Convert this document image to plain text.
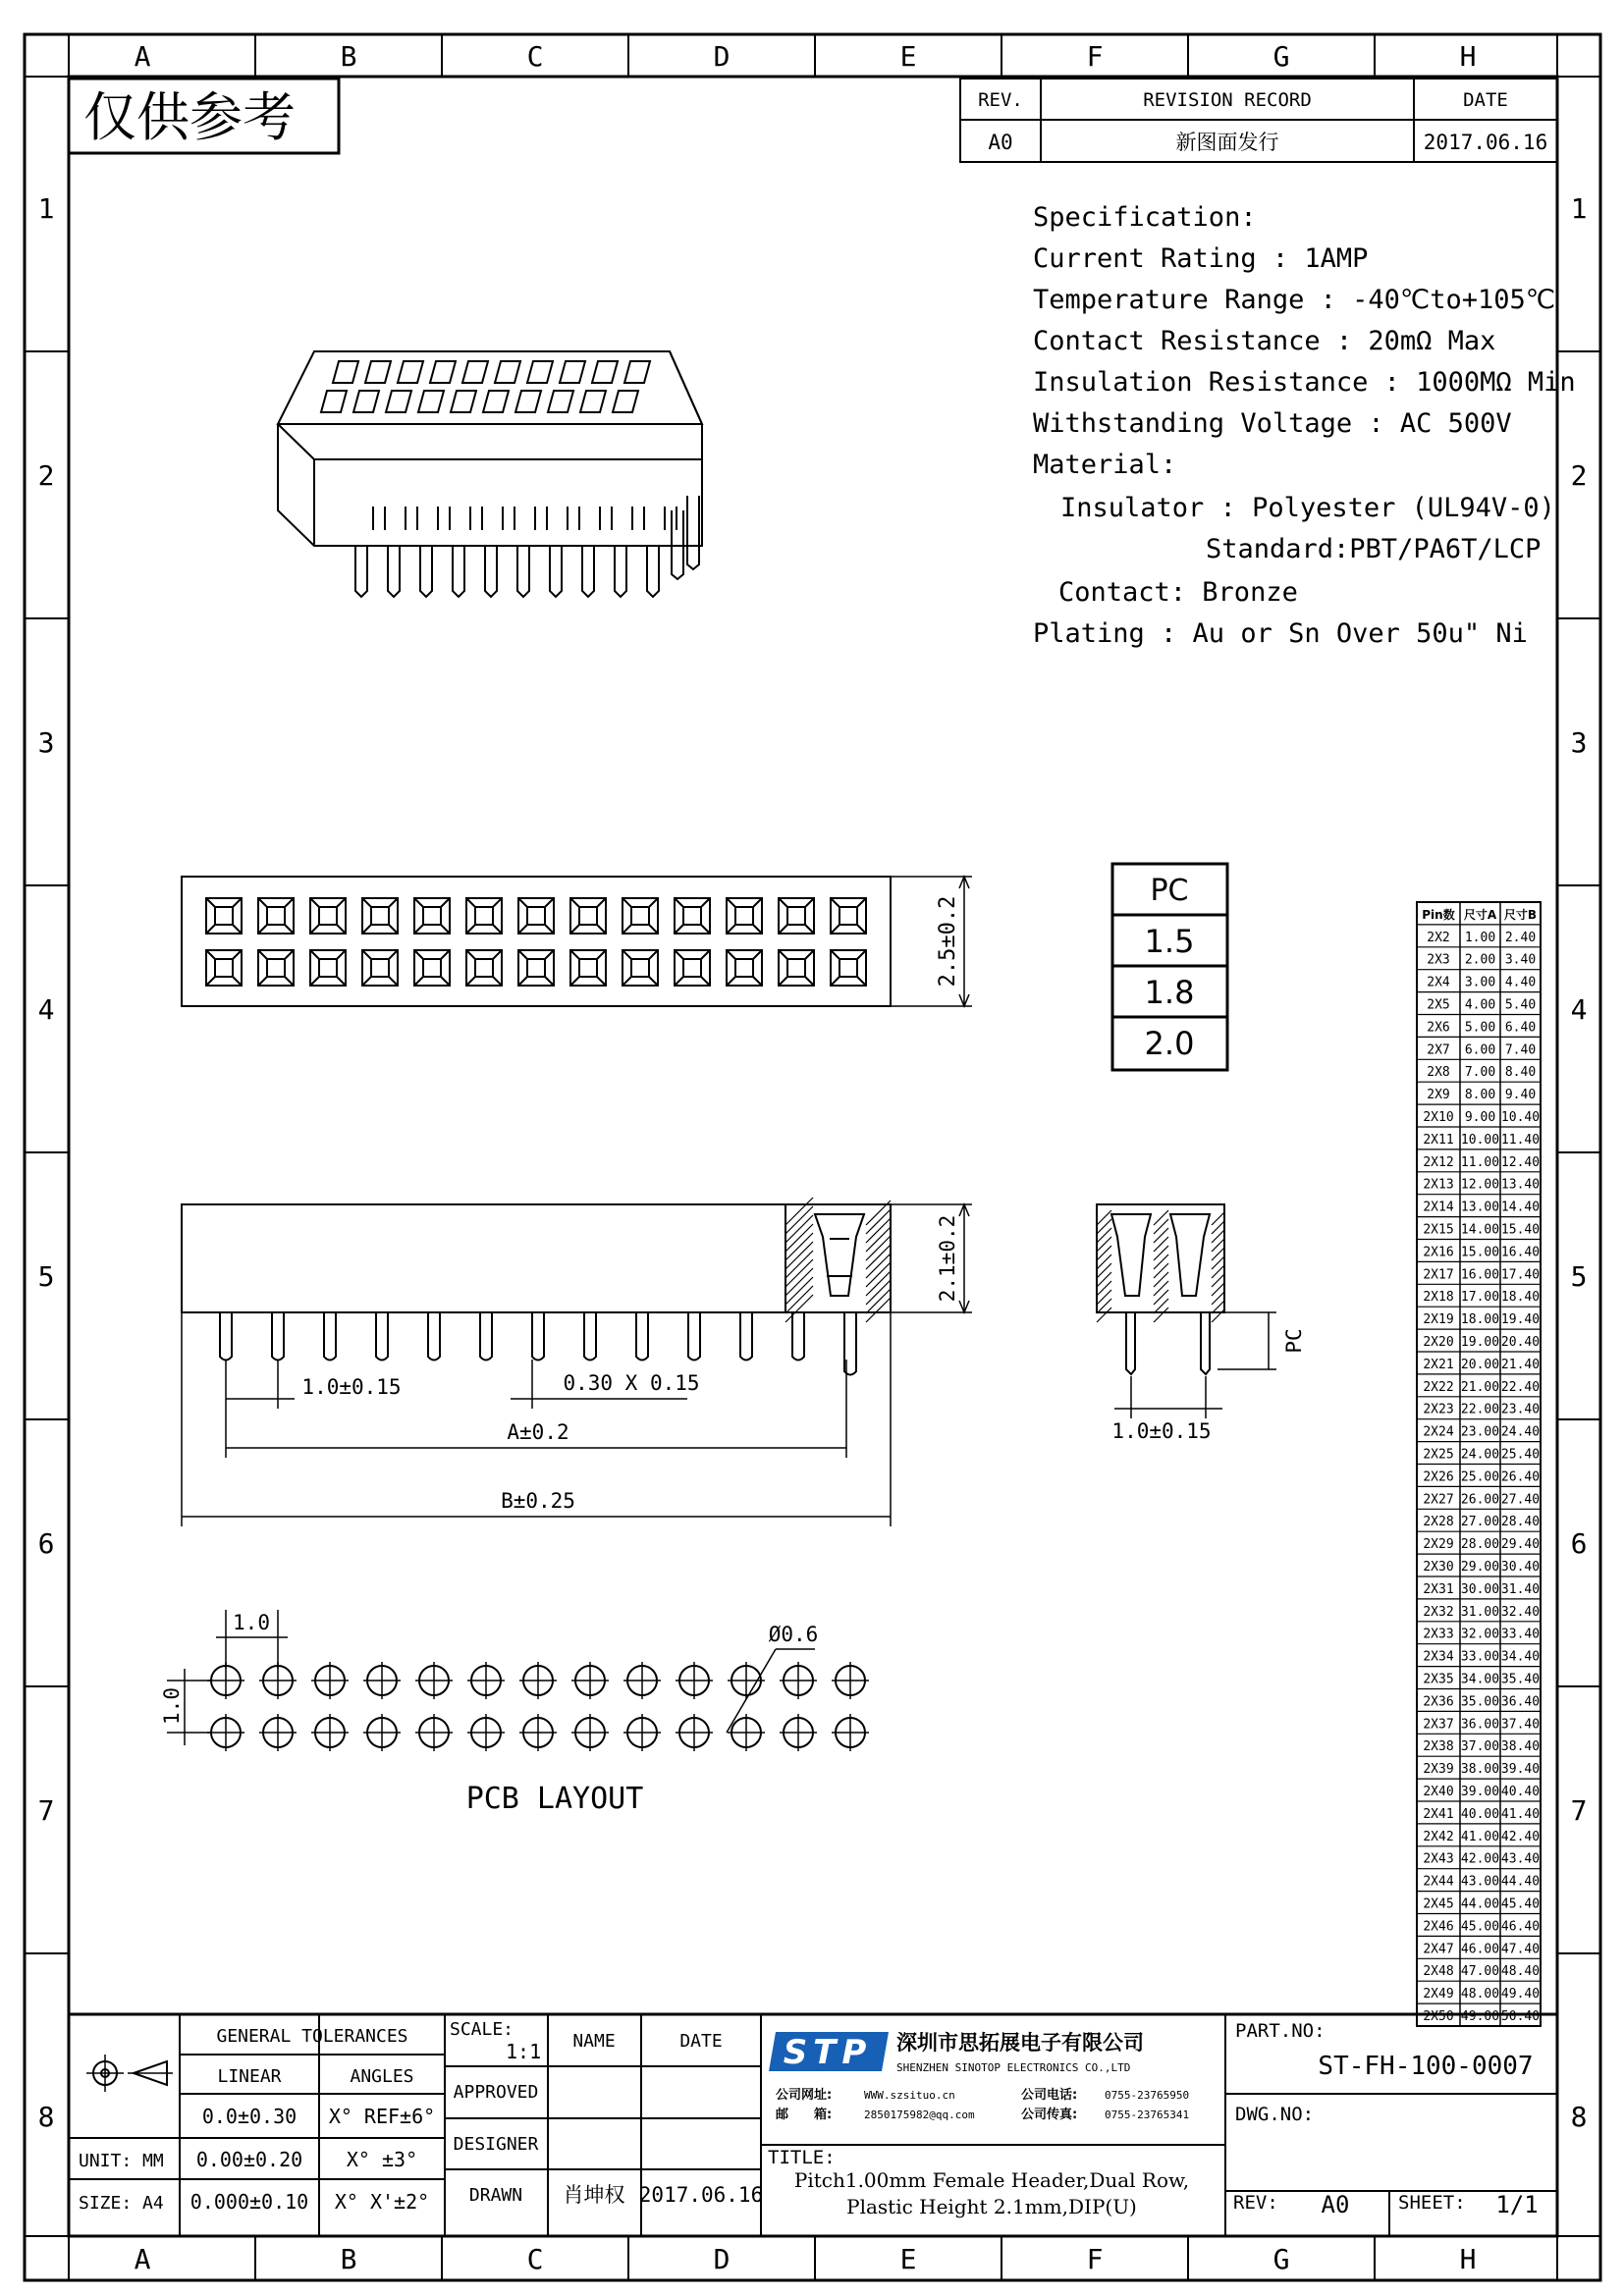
A	B	C	D	E	F	G	H
A	B	C	D	E	F	G	H
1
2
3
4
5
6
7
8
1
2
3
4
5
6
7
8
仅供参考	REV.	REVISION RECORD	DATE
A0	新图面发行	2017.06.16
Specification:
Current Rating : 1AMP
Temperature Range : -40℃to+105℃
Contact Resistance : 20mΩ Max
Insulation Resistance : 1000MΩ Min
Withstanding Voltage : AC 500V
Material:
Insulator : Polyester (UL94V-0)
Standard:PBT/PA6T/LCP
Contact: Bronze
Plating : Au or Sn Over 50u" Ni
2.5±0.2
2.1±0.2
1.0±0.15	0.30 X 0.15
A±0.2
B±0.25
1.0±0.15
PC
PC
1.5
1.8
2.0
Pin数 尺寸A 尺寸B
2X2 1.00 2.40
2X3 2.00 3.40
2X4 3.00 4.40
2X5 4.00 5.40
2X6 5.00 6.40
2X7 6.00 7.40
2X8 7.00 8.40
2X9 8.00 9.40
2X10 9.00 10.40
2X11 10.00 11.40
2X12 11.00 12.40
2X13 12.00 13.40
2X14 13.00 14.40
2X15 14.00 15.40
2X16 15.00 16.40
2X17 16.00 17.40
2X18 17.00 18.40
2X19 18.00 19.40
2X20 19.00 20.40
2X21 20.00 21.40
2X22 21.00 22.40
2X23 22.00 23.40
2X24 23.00 24.40
2X25 24.00 25.40
2X26 25.00 26.40
2X27 26.00 27.40
2X28 27.00 28.40
2X29 28.00 29.40
2X30 29.00 30.40
2X31 30.00 31.40
2X32 31.00 32.40
2X33 32.00 33.40
2X34 33.00 34.40
2X35 34.00 35.40
2X36 35.00 36.40
2X37 36.00 37.40
2X38 37.00 38.40
2X39 38.00 39.40
2X40 39.00 40.40
2X41 40.00 41.40
2X42 41.00 42.40
2X43 42.00 43.40
2X44 43.00 44.40
2X45 44.00 45.40
2X46 45.00 46.40
2X47 46.00 47.40
2X48 47.00 48.40
2X49 48.00 49.40
2X50 49.00 50.40
1.0
1.0
Ø0.6
PCB LAYOUT
GENERAL TOLERANCES
LINEAR	ANGLES
0.0±0.30 X° REF±6°
0.00±0.20 X° ±3°
0.000±0.10 X° X'±2°
UNIT: MM
SIZE: A4
SCALE:
1:1 NAME	DATE
APPROVED
DESIGNER
DRAWN 肖坤权 2017.06.16
STP 深圳市思拓展电子有限公司
SHENZHEN SINOTOP ELECTRONICS CO.,LTD
公司网址:	WWW.szsituo.cn
邮　　箱:	2850175982@qq.com
公司电话:	0755-23765950
公司传真:	0755-23765341
TITLE:
Pitch1.00mm Female Header,Dual Row,
Plastic Height 2.1mm,DIP(U)
PART.NO:
ST-FH-100-0007
DWG.NO:
REV: A0	SHEET: 1/1
